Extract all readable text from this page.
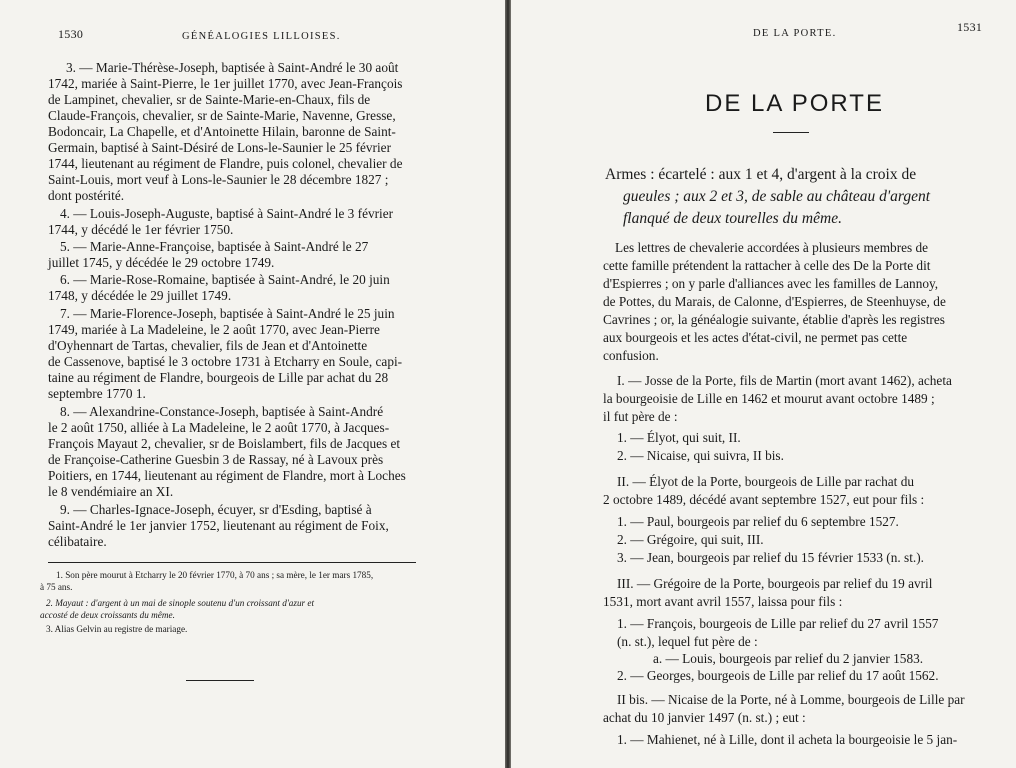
1530	GÉNÉALOGIES LILLOISES.
3. — Marie-Thérèse-Joseph, baptisée à Saint-André le 30 août
1742, mariée à Saint-Pierre, le 1er juillet 1770, avec Jean-François
de Lampinet, chevalier, sr de Sainte-Marie-en-Chaux, fils de
Claude-François, chevalier, sr de Sainte-Marie, Navenne, Gresse,
Bodoncair, La Chapelle, et d'Antoinette Hilain, baronne de Saint-
Germain, baptisé à Saint-Désiré de Lons-le-Saunier le 25 février
1744, lieutenant au régiment de Flandre, puis colonel, chevalier de
Saint-Louis, mort veuf à Lons-le-Saunier le 28 décembre 1827 ;
dont postérité.
4. — Louis-Joseph-Auguste, baptisé à Saint-André le 3 février
1744, y décédé le 1er février 1750.
5. — Marie-Anne-Françoise, baptisée à Saint-André le 27
juillet 1745, y décédée le 29 octobre 1749.
6. — Marie-Rose-Romaine, baptisée à Saint-André, le 20 juin
1748, y décédée le 29 juillet 1749.
7. — Marie-Florence-Joseph, baptisée à Saint-André le 25 juin
1749, mariée à La Madeleine, le 2 août 1770, avec Jean-Pierre
d'Oyhennart de Tartas, chevalier, fils de Jean et d'Antoinette
de Cassenove, baptisé le 3 octobre 1731 à Etcharry en Soule, capi-
taine au régiment de Flandre, bourgeois de Lille par achat du 28
septembre 1770 1.
8. — Alexandrine-Constance-Joseph, baptisée à Saint-André
le 2 août 1750, alliée à La Madeleine, le 2 août 1770, à Jacques-
François Mayaut 2, chevalier, sr de Boislambert, fils de Jacques et
de Françoise-Catherine Guesbin 3 de Rassay, né à Lavoux près
Poitiers, en 1744, lieutenant au régiment de Flandre, mort à Loches
le 8 vendémiaire an XI.
9. — Charles-Ignace-Joseph, écuyer, sr d'Esding, baptisé à
Saint-André le 1er janvier 1752, lieutenant au régiment de Foix,
célibataire.
1. Son père mourut à Etcharry le 20 février 1770, à 70 ans ; sa mère, le 1er mars 1785,
à 75 ans.
2. Mayaut : d'argent à un mai de sinople soutenu d'un croissant d'azur et
accosté de deux croissants du même.
3. Alias Gelvin au registre de mariage.
1531
DE LA PORTE.
DE LA PORTE
Armes : écartelé : aux 1 et 4, d'argent à la croix de
gueules ; aux 2 et 3, de sable au château d'argent
flanqué de deux tourelles du même.
Les lettres de chevalerie accordées à plusieurs membres de
cette famille prétendent la rattacher à celle des De la Porte dit
d'Espierres ; on y parle d'alliances avec les familles de Lannoy,
de Pottes, du Marais, de Calonne, d'Espierres, de Steenhuyse, de
Cavrines ; or, la généalogie suivante, établie d'après les registres
aux bourgeois et les actes d'état-civil, ne permet pas cette
confusion.
I. — Josse de la Porte, fils de Martin (mort avant 1462), acheta
la bourgeoisie de Lille en 1462 et mourut avant octobre 1489 ;
il fut père de :
1. — Élyot, qui suit, II.
2. — Nicaise, qui suivra, II bis.
II. — Élyot de la Porte, bourgeois de Lille par rachat du
2 octobre 1489, décédé avant septembre 1527, eut pour fils :
1. — Paul, bourgeois par relief du 6 septembre 1527.
2. — Grégoire, qui suit, III.
3. — Jean, bourgeois par relief du 15 février 1533 (n. st.).
III. — Grégoire de la Porte, bourgeois par relief du 19 avril
1531, mort avant avril 1557, laissa pour fils :
1. — François, bourgeois de Lille par relief du 27 avril 1557
(n. st.), lequel fut père de :
a. — Louis, bourgeois par relief du 2 janvier 1583.
2. — Georges, bourgeois de Lille par relief du 17 août 1562.
II bis. — Nicaise de la Porte, né à Lomme, bourgeois de Lille par
achat du 10 janvier 1497 (n. st.) ; eut :
1. — Mahienet, né à Lille, dont il acheta la bourgeoisie le 5 jan-
